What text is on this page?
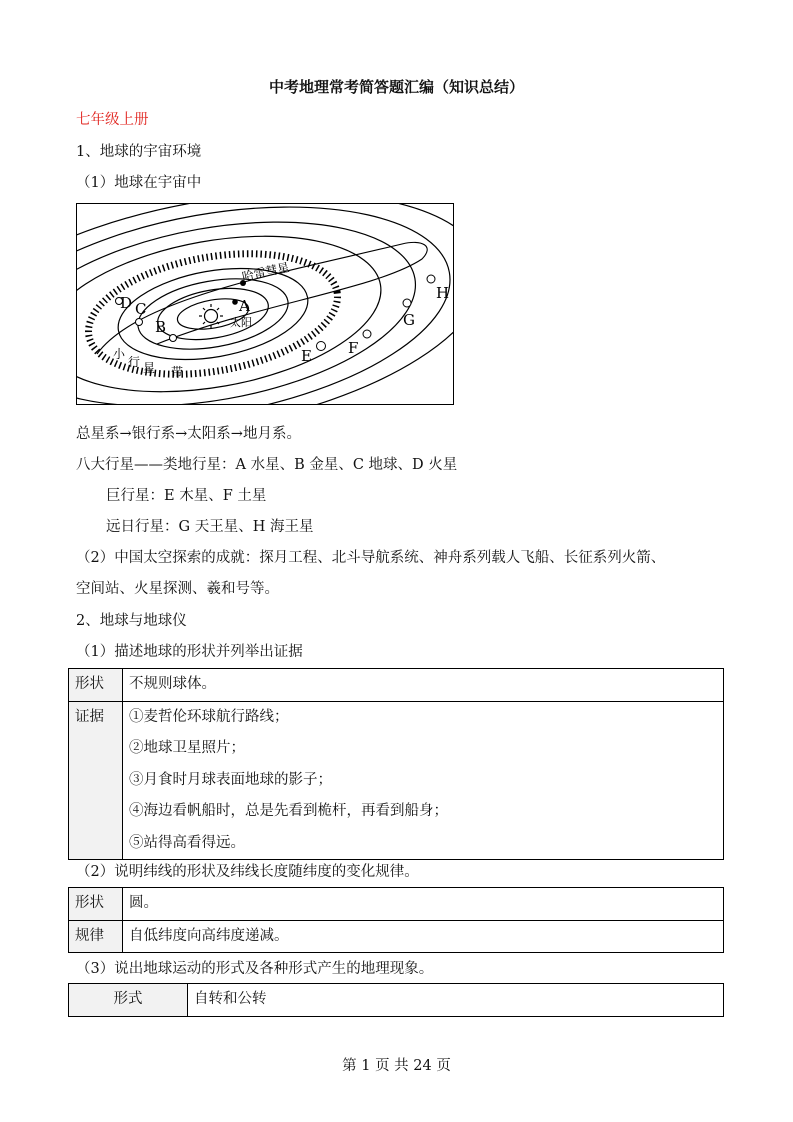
中考地理常考简答题汇编（知识总结）
七年级上册
1、地球的宇宙环境
（1）地球在宇宙中
A
B
C
D
E F
G
H
太阳
哈雷彗星
小
行 星 带
总星系→银行系→太阳系→地月系。
八大行星——类地行星：A 水星、B 金星、C 地球、D 火星
巨行星：E 木星、F 土星
远日行星：G 天王星、H 海王星
（2）中国太空探索的成就：探月工程、北斗导航系统、神舟系列载人飞船、长征系列火箭、
空间站、火星探测、羲和号等。
2、地球与地球仪
（1）描述地球的形状并列举出证据
形状	不规则球体。

证据	①麦哲伦环球航行路线；
②地球卫星照片；
③月食时月球表面地球的影子；
④海边看帆船时，总是先看到桅杆，再看到船身；
⑤站得高看得远。
（2）说明纬线的形状及纬线长度随纬度的变化规律。
形状	圆。

规律	自低纬度向高纬度递减。
（3）说出地球运动的形式及各种形式产生的地理现象。
形式	自转和公转
第 1 页 共 24 页
